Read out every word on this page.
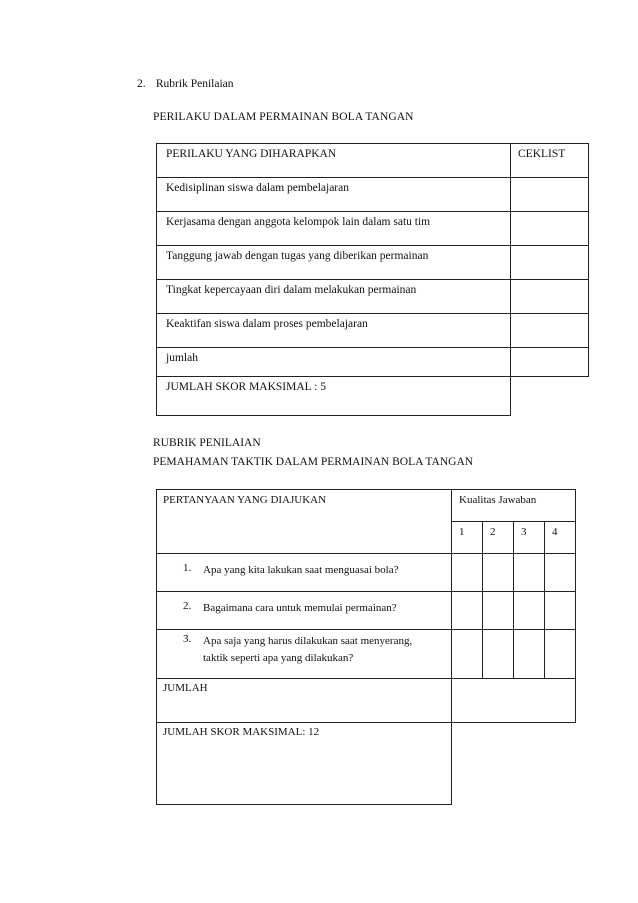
2. Rubrik Penilaian
PERILAKU DALAM PERMAINAN BOLA TANGAN
PERILAKU YANG DIHARAPKAN	CEKLIST
Kedisiplinan siswa dalam pembelajaran	
Kerjasama dengan anggota kelompok lain dalam satu tim	
Tanggung jawab dengan tugas yang diberikan permainan	
Tingkat kepercayaan diri dalam melakukan permainan	
Keaktifan siswa dalam proses pembelajaran	
jumlah	
JUMLAH SKOR MAKSIMAL : 5	
RUBRIK PENILAIAN
PEMAHAMAN TAKTIK DALAM PERMAINAN BOLA TANGAN
PERTANYAAN YANG DIAJUKAN	Kualitas Jawaban			
	1	2	3	4

1. Apa yang kita lakukan saat menguasai bola?				

2. Bagaimana cara untuk memulai permainan?				

3. Apa saja yang harus dilakukan saat menyerang, taktik seperti apa yang dilakukan?				

JUMLAH				
JUMLAH SKOR MAKSIMAL: 12				
